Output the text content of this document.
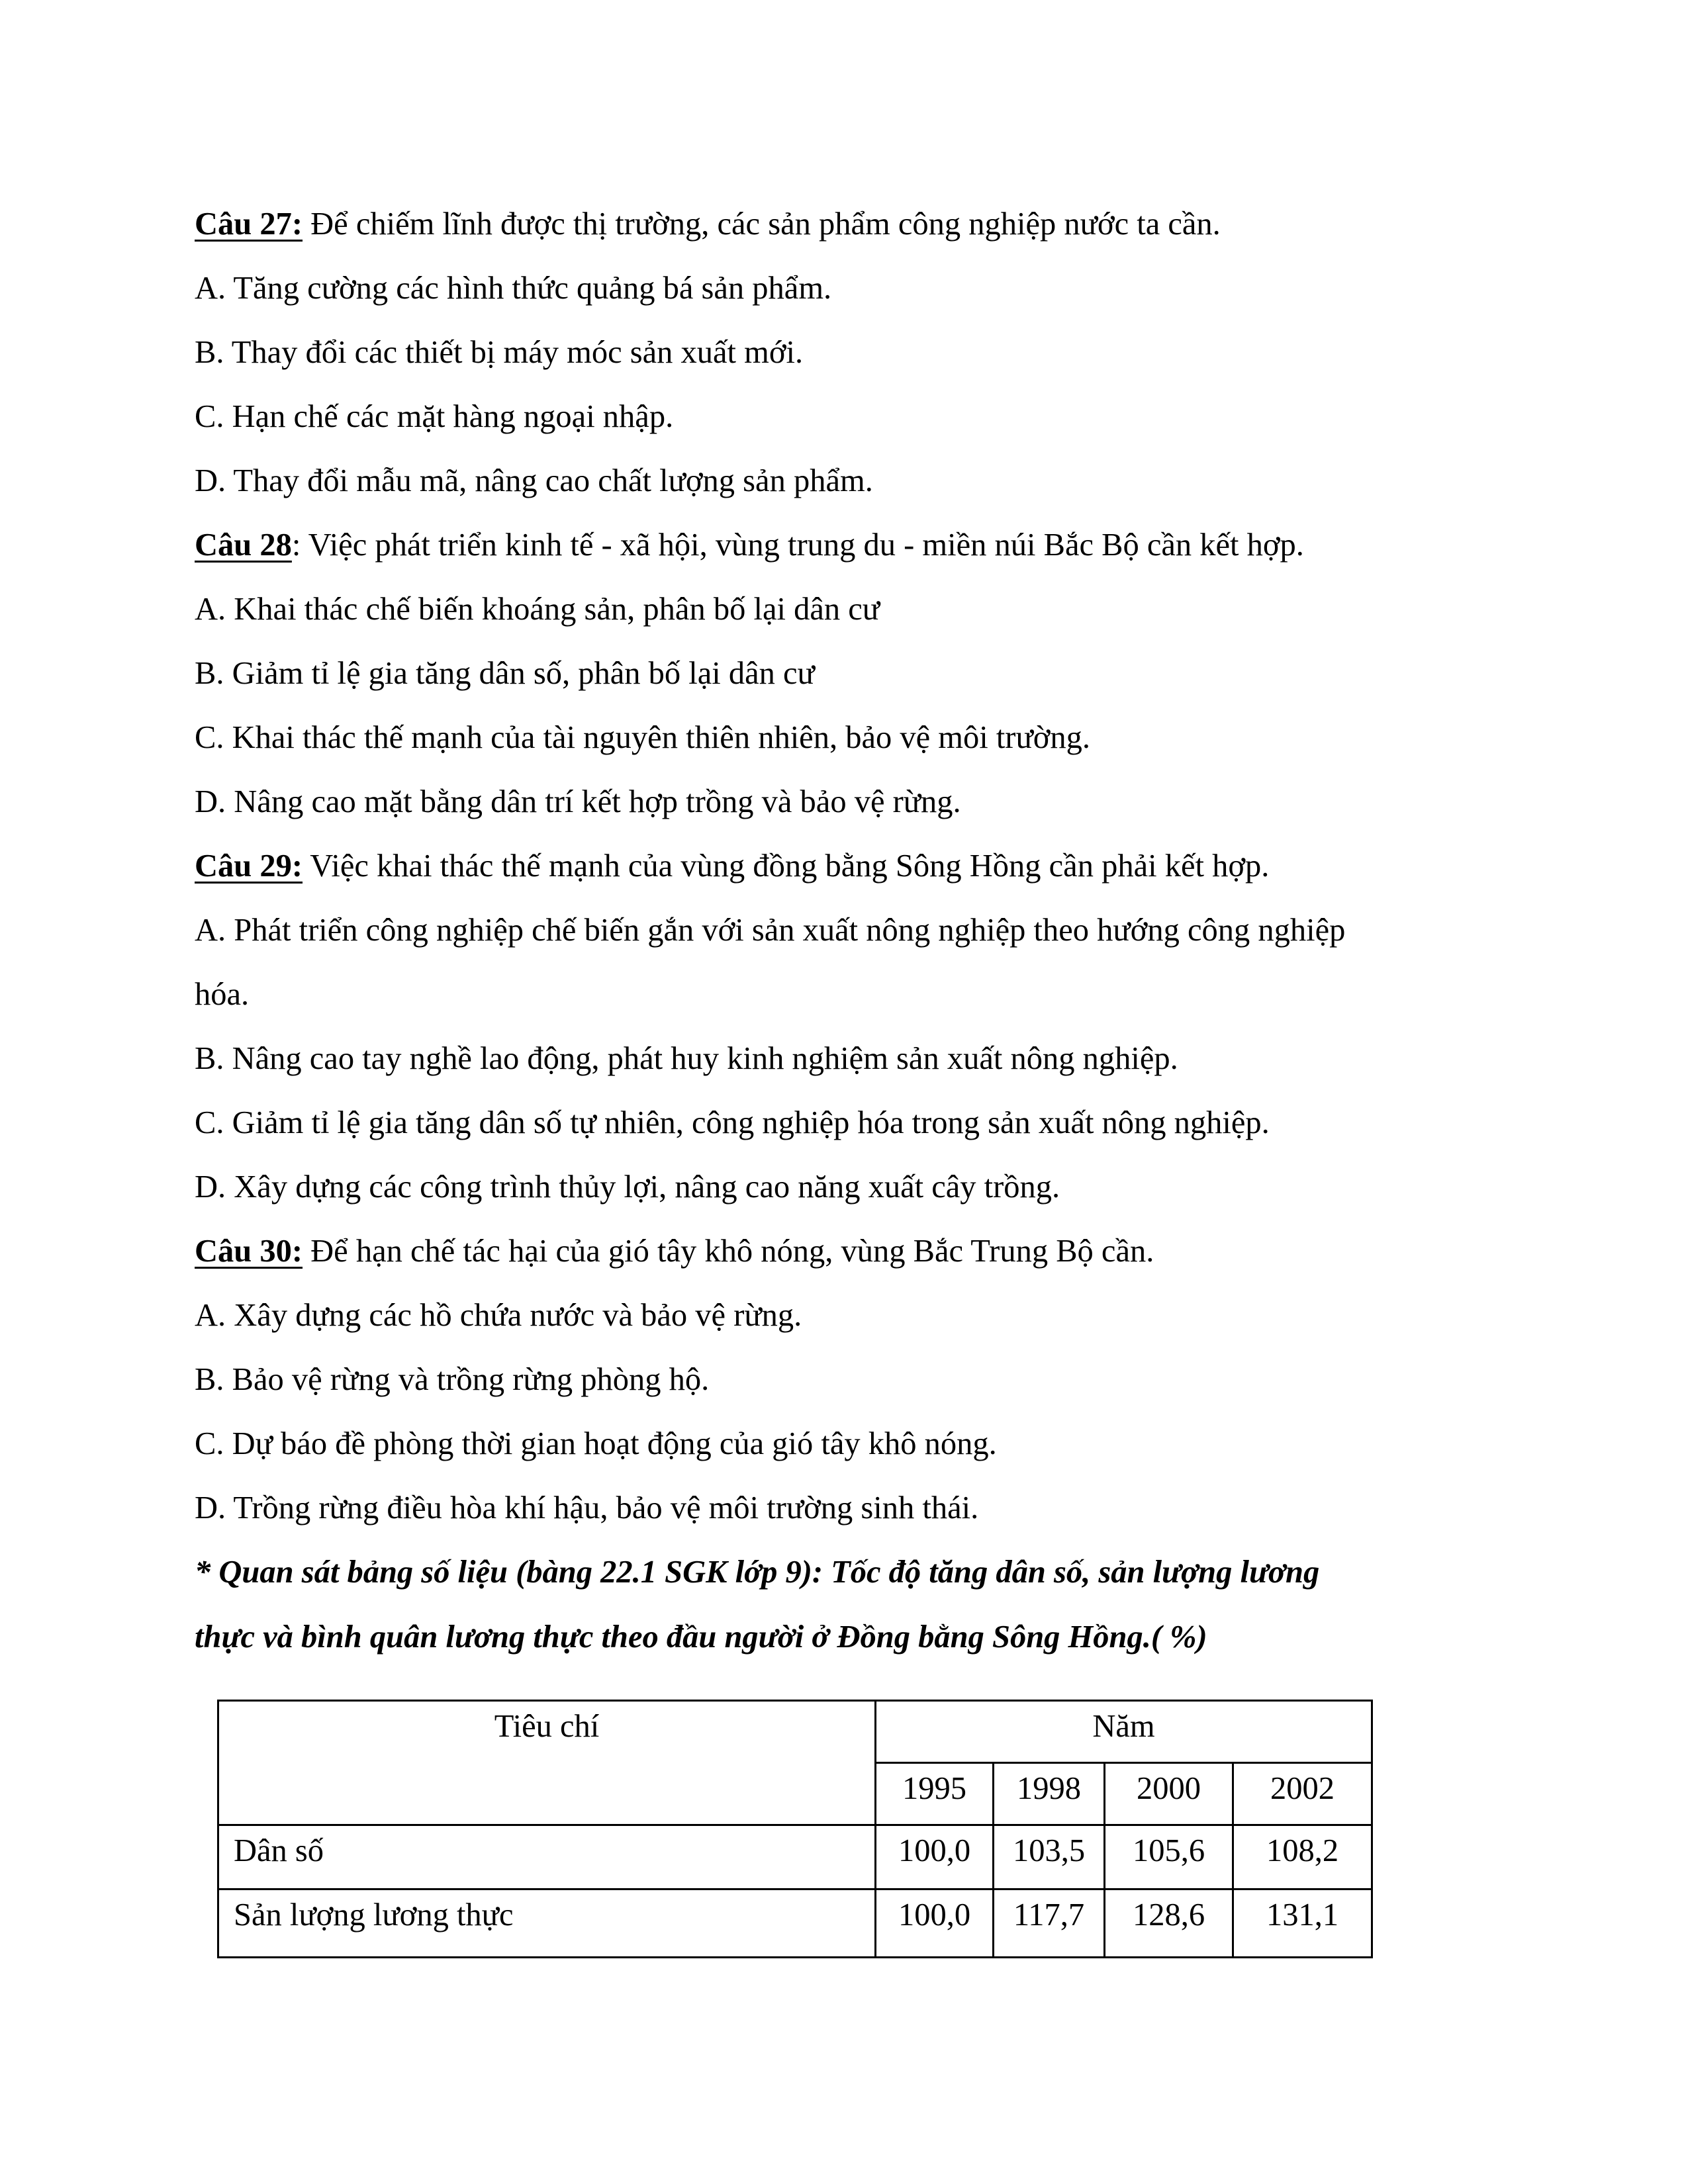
Câu 27: Để chiếm lĩnh được thị trường, các sản phẩm công nghiệp nước ta cần.
A. Tăng cường các hình thức quảng bá sản phẩm.
B. Thay đổi các thiết bị máy móc sản xuất mới.
C. Hạn chế các mặt hàng ngoại nhập.
D. Thay đổi mẫu mã, nâng cao chất lượng sản phẩm.
Câu 28: Việc phát triển kinh tế - xã hội, vùng trung du - miền núi Bắc Bộ cần kết hợp.
A. Khai thác chế biến khoáng sản, phân bố lại dân cư
B. Giảm tỉ lệ gia tăng dân số, phân bố lại dân cư
C. Khai thác thế mạnh của tài nguyên thiên nhiên, bảo vệ môi trường.
D. Nâng cao mặt bằng dân trí kết hợp trồng và bảo vệ rừng.
Câu 29: Việc khai thác thế mạnh của vùng đồng bằng Sông Hồng cần phải kết hợp.
A. Phát triển công nghiệp chế biến gắn với sản xuất nông nghiệp theo hướng công nghiệp
hóa.
B. Nâng cao tay nghề lao động, phát huy kinh nghiệm sản xuất nông nghiệp.
C. Giảm tỉ lệ gia tăng dân số tự nhiên, công nghiệp hóa trong sản xuất nông nghiệp.
D. Xây dựng các công trình thủy lợi, nâng cao năng xuất cây trồng.
Câu 30: Để hạn chế tác hại của gió tây khô nóng, vùng Bắc Trung Bộ cần.
A. Xây dựng các hồ chứa nước và bảo vệ rừng.
B. Bảo vệ rừng và trồng rừng phòng hộ.
C. Dự báo đề phòng thời gian hoạt động của gió tây khô nóng.
D. Trồng rừng điều hòa khí hậu, bảo vệ môi trường sinh thái.
* Quan sát bảng số liệu (bàng 22.1 SGK lớp 9): Tốc độ tăng dân số, sản lượng lương
thực và bình quân lương thực theo đầu người ở Đồng bằng Sông Hồng.( %)
Tiêu chí	Năm			

	1995	1998	2000	2002

Dân số	100,0	103,5	105,6	108,2

Sản lượng lương thực	100,0	117,7	128,6	131,1
